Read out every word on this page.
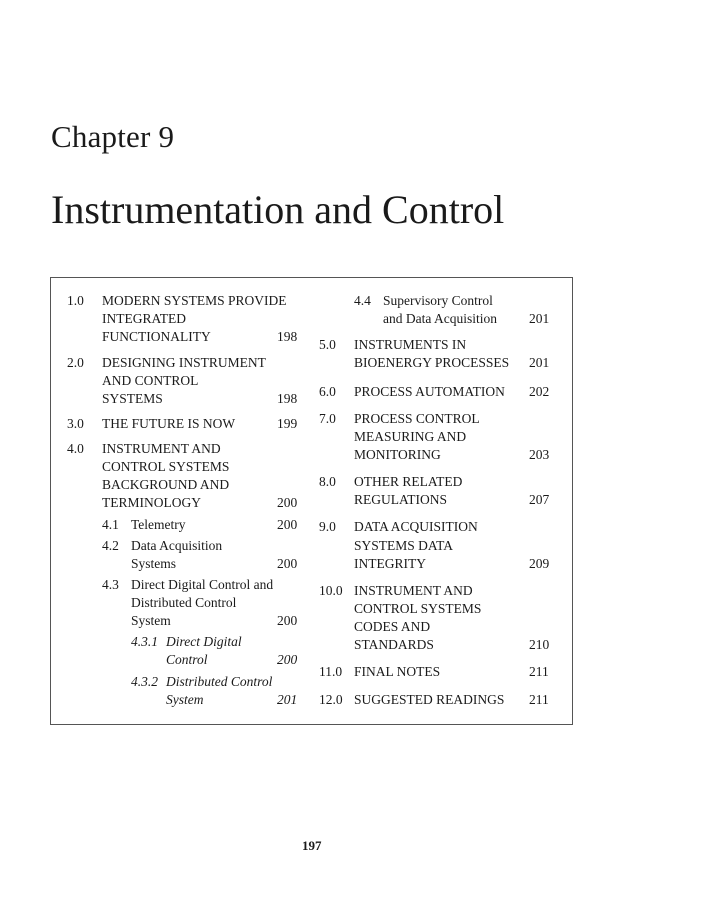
Chapter 9
Instrumentation and Control
1.0 MODERN SYSTEMS PROVIDE
INTEGRATED
FUNCTIONALITY	198
2.0 DESIGNING INSTRUMENT
AND CONTROL
SYSTEMS	198
3.0 THE FUTURE IS NOW	199
4.0 INSTRUMENT AND
CONTROL SYSTEMS
BACKGROUND AND
TERMINOLOGY	200
4.1 Telemetry	200
4.2 Data Acquisition
Systems	200
4.3 Direct Digital Control and
Distributed Control
System	200
4.3.1 Direct Digital
Control	200
4.3.2 Distributed Control
System	201
4.4 Supervisory Control
and Data Acquisition 201
5.0 INSTRUMENTS IN
BIOENERGY PROCESSES 201
6.0 PROCESS AUTOMATION 202
7.0 PROCESS CONTROL
MEASURING AND
MONITORING	203
8.0 OTHER RELATED
REGULATIONS	207
9.0 DATA ACQUISITION
SYSTEMS DATA
INTEGRITY	209
10.0 INSTRUMENT AND
CONTROL SYSTEMS
CODES AND
STANDARDS	210
11.0 FINAL NOTES	211
12.0 SUGGESTED READINGS 211
197
